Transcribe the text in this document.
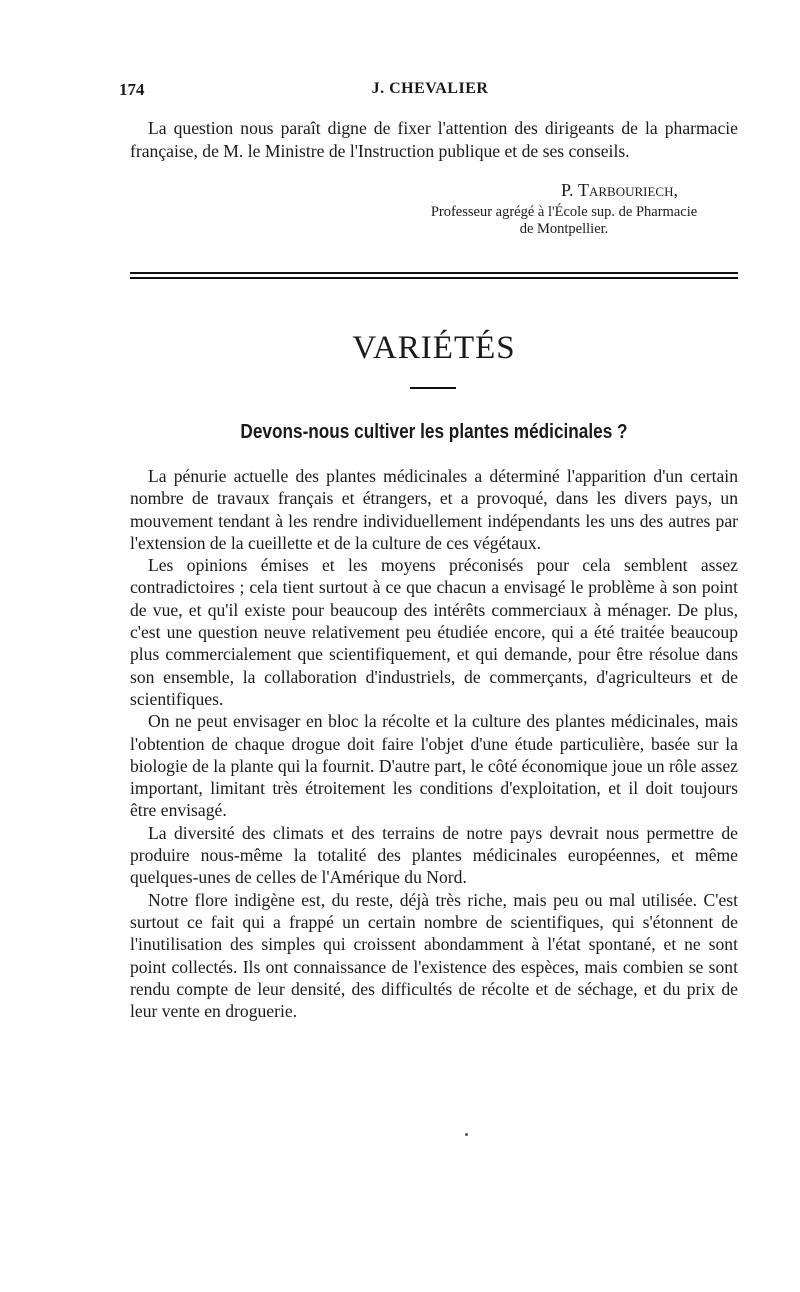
174	J. CHEVALIER

La question nous paraît digne de fixer l'attention des dirigeants de la pharmacie française, de M. le Ministre de l'Instruction publique et de ses conseils.

P. Tarbouriech,
Professeur agrégé à l'École sup. de Pharmacie
de Montpellier.
VARIÉTÉS
Devons-nous cultiver les plantes médicinales ?

La pénurie actuelle des plantes médicinales a déterminé l'apparition d'un certain nombre de travaux français et étrangers, et a provoqué, dans les divers pays, un mouvement tendant à les rendre individuellement indépendants les uns des autres par l'extension de la cueillette et de la culture de ces végétaux.

Les opinions émises et les moyens préconisés pour cela semblent assez contradictoires ; cela tient surtout à ce que chacun a envisagé le problème à son point de vue, et qu'il existe pour beaucoup des intérêts commerciaux à ménager. De plus, c'est une question neuve relativement peu étudiée encore, qui a été traitée beaucoup plus commercialement que scientifiquement, et qui demande, pour être résolue dans son ensemble, la collaboration d'industriels, de commerçants, d'agriculteurs et de scientifiques.

On ne peut envisager en bloc la récolte et la culture des plantes médicinales, mais l'obtention de chaque drogue doit faire l'objet d'une étude particulière, basée sur la biologie de la plante qui la fournit. D'autre part, le côté économique joue un rôle assez important, limitant très étroitement les conditions d'exploitation, et il doit toujours être envisagé.

La diversité des climats et des terrains de notre pays devrait nous permettre de produire nous-même la totalité des plantes médicinales européennes, et même quelques-unes de celles de l'Amérique du Nord.

Notre flore indigène est, du reste, déjà très riche, mais peu ou mal utilisée. C'est surtout ce fait qui a frappé un certain nombre de scientifiques, qui s'étonnent de l'inutilisation des simples qui croissent abondamment à l'état spontané, et ne sont point collectés. Ils ont connaissance de l'existence des espèces, mais combien se sont rendu compte de leur densité, des difficultés de récolte et de séchage, et du prix de leur vente en droguerie.
